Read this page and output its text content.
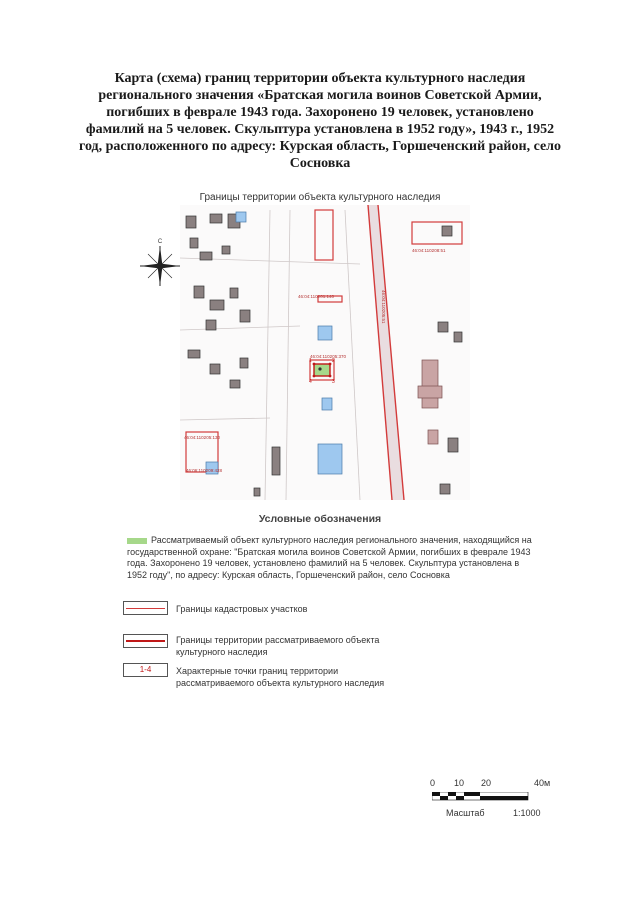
Карта (схема) границ территории объекта культурного наследия регионального значения «Братская могила воинов Советской Армии, погибших в феврале 1943 года. Захоронено 19 человек, установлено фамилий на 5 человек. Скульптура установлена в 1952 году», 1943 г., 1952 год, расположенного по адресу: Курская область, Горшеченский район, село Сосновка
Границы территории объекта культурного наследия
С
1	2
3
4
46:04:110208:51
46:04:110201:140
46:04:110205:370
46:04:110205:130
46:06:110209:428
46:04:110205:51
Условные обозначения
Рассматриваемый объект культурного наследия регионального значения, находящийся на государственной охране: "Братская могила воинов Советской Армии, погибших в феврале 1943 года. Захоронено 19 человек, установлено фамилий на 5 человек. Скульптура установлена в 1952 году", по адресу: Курская область, Горшеченский район, село Сосновка
Границы кадастровых участков
Границы территории рассматриваемого объекта культурного наследия
1-4	Характерные точки границ территории рассматриваемого объекта культурного наследия
0 10 20	40м
Масштаб	1:1000
